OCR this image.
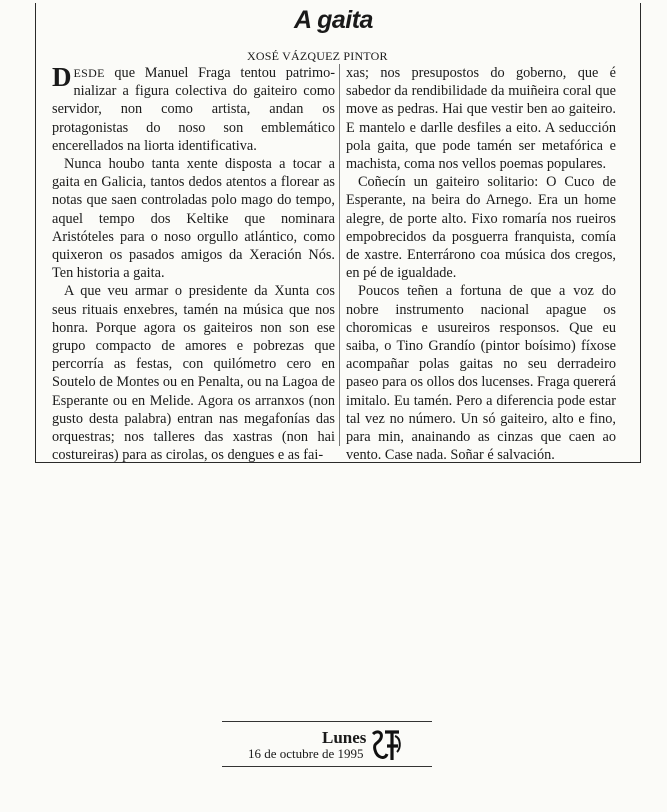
A gaita
XOSÉ VÁZQUEZ PINTOR

DESDE que Manuel Fraga tentou patrimo-nializar a figura colectiva do gaiteiro como servidor, non como artista, andan os protagonistas do noso son emblemático encerellados na liorta identificativa.

Nunca houbo tanta xente disposta a tocar a gaita en Galicia, tantos dedos atentos a florear as notas que saen controladas polo mago do tempo, aquel tempo dos Keltike que nominara Aristóteles para o noso orgullo atlántico, como quixeron os pasados amigos da Xeración Nós. Ten historia a gaita.

A que veu armar o presidente da Xunta cos seus rituais enxebres, tamén na música que nos honra. Porque agora os gaiteiros non son ese grupo compacto de amores e pobrezas que percorría as festas, con quilómetro cero en Soutelo de Montes ou en Penalta, ou na Lagoa de Esperante ou en Melide. Agora os arranxos (non gusto desta palabra) entran nas megafonías das orquestras; nos talleres das xastras (non hai costureiras) para as cirolas, os dengues e as fai-

xas; nos presupostos do goberno, que é sabedor da rendibilidade da muiñeira coral que move as pedras. Hai que vestir ben ao gaiteiro. E mantelo e darlle desfiles a eito. A seducción pola gaita, que pode tamén ser metafórica e machista, coma nos vellos poemas populares.

Coñecín un gaiteiro solitario: O Cuco de Esperante, na beira do Arnego. Era un home alegre, de porte alto. Fixo romaría nos rueiros empobrecidos da posguerra franquista, comía de xastre. Enterrárono coa música dos cregos, en pé de igualdade.

Poucos teñen a fortuna de que a voz do nobre instrumento nacional apague os choromicas e usureiros responsos. Que eu saiba, o Tino Grandío (pintor boísimo) fíxose acompañar polas gaitas no seu derradeiro paseo para os ollos dos lucenses. Fraga quererá imitalo. Eu tamén. Pero a diferencia pode estar tal vez no número. Un só gaiteiro, alto e fino, para min, anainando as cinzas que caen ao vento. Case nada. Soñar é salvación.

Lunes
16 de octubre de 1995
